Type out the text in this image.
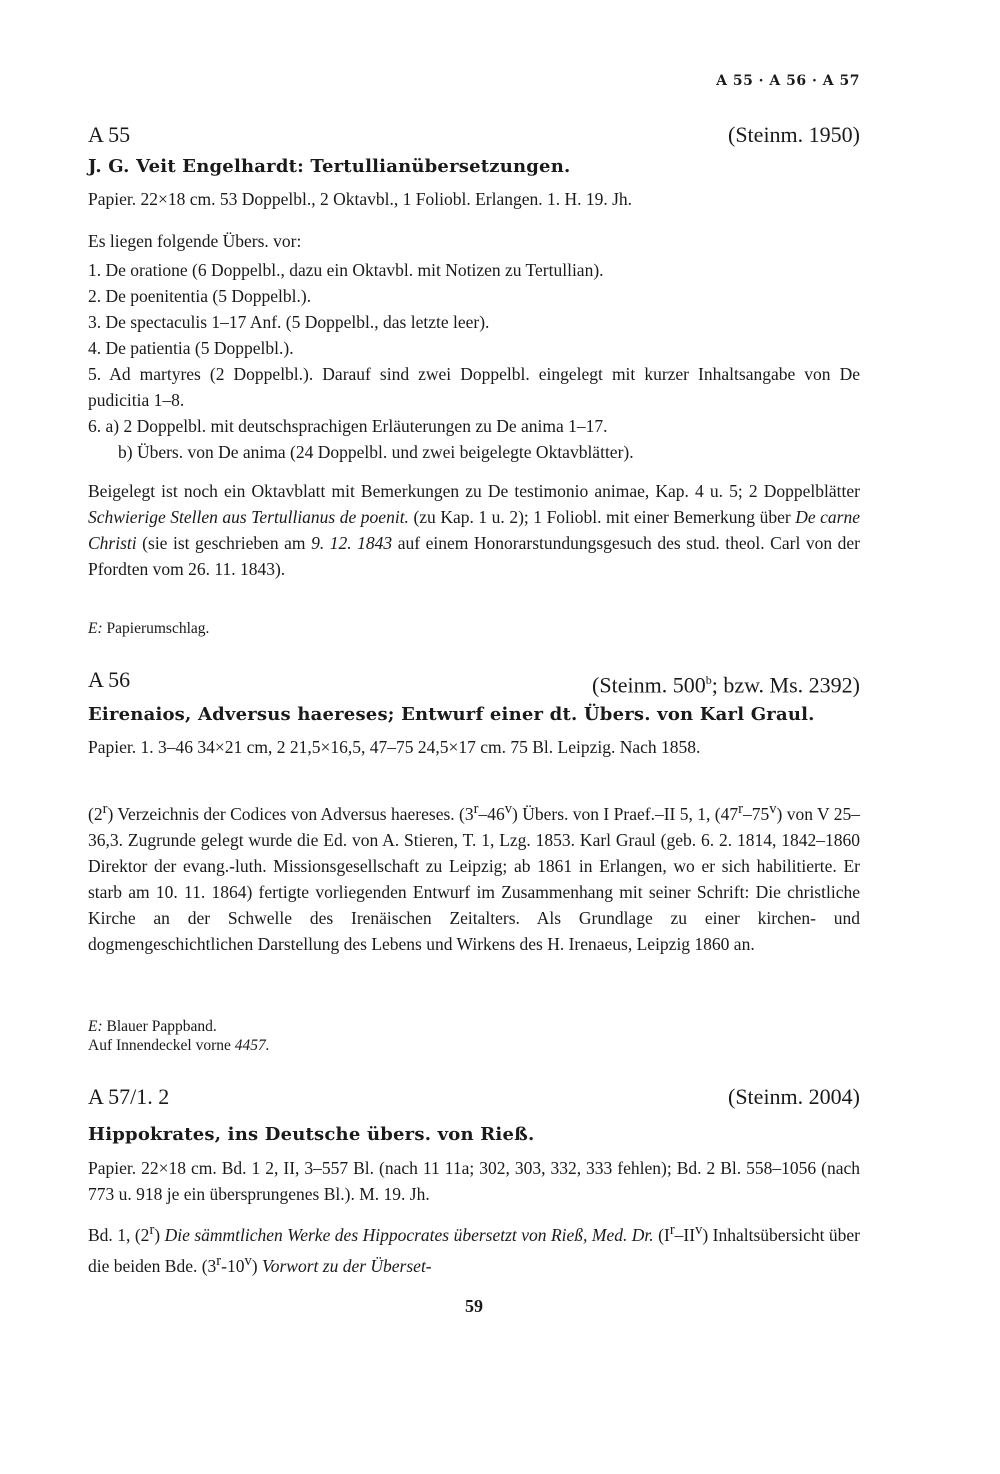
A 55 · A 56 · A 57
A 55	(Steinm. 1950)
J. G. Veit Engelhardt: Tertullianübersetzungen.
Papier. 22×18 cm. 53 Doppelbl., 2 Oktavbl., 1 Foliobl. Erlangen. 1. H. 19. Jh.
Es liegen folgende Übers. vor:

1. De oratione (6 Doppelbl., dazu ein Oktavbl. mit Notizen zu Tertullian).

2. De poenitentia (5 Doppelbl.).

3. De spectaculis 1–17 Anf. (5 Doppelbl., das letzte leer).

4. De patientia (5 Doppelbl.).

5. Ad martyres (2 Doppelbl.). Darauf sind zwei Doppelbl. eingelegt mit kurzer Inhaltsangabe von De pudicitia 1–8.

6. a) 2 Doppelbl. mit deutschsprachigen Erläuterungen zu De anima 1–17.

b) Übers. von De anima (24 Doppelbl. und zwei beigelegte Oktavblätter).

Beigelegt ist noch ein Oktavblatt mit Bemerkungen zu De testimonio animae, Kap. 4 u. 5; 2 Doppelblätter Schwierige Stellen aus Tertullianus de poenit. (zu Kap. 1 u. 2); 1 Foliobl. mit einer Bemerkung über De carne Christi (sie ist geschrieben am 9. 12. 1843 auf einem Honorarstundungsgesuch des stud. theol. Carl von der Pfordten vom 26. 11. 1843).
E: Papierumschlag.
A 56	(Steinm. 500$^b$; bzw. Ms. 2392)
Eirenaios, Adversus haereses; Entwurf einer dt. Übers. von Karl Graul.
Papier. 1. 3–46 34×21 cm, 2 21,5×16,5, 47–75 24,5×17 cm. 75 Bl. Leipzig. Nach 1858.
(2$^r$) Verzeichnis der Codices von Adversus haereses. (3$^r$–46$^v$) Übers. von I Praef.–II 5, 1, (47$^r$–75$^v$) von V 25–36,3. Zugrunde gelegt wurde die Ed. von A. Stieren, T. 1, Lzg. 1853. Karl Graul (geb. 6. 2. 1814, 1842–1860 Direktor der evang.-luth. Missionsgesellschaft zu Leipzig; ab 1861 in Erlangen, wo er sich habilitierte. Er starb am 10. 11. 1864) fertigte vorliegenden Entwurf im Zusammenhang mit seiner Schrift: Die christliche Kirche an der Schwelle des Irenäischen Zeitalters. Als Grundlage zu einer kirchen- und dogmengeschichtlichen Darstellung des Lebens und Wirkens des H. Irenaeus, Leipzig 1860 an.

E: Blauer Pappband.

Auf Innendeckel vorne 4457.

A 57/1. 2	(Steinm. 2004)
Hippokrates, ins Deutsche übers. von Rieß.
Papier. 22×18 cm. Bd. 1 2, II, 3–557 Bl. (nach 11 11a; 302, 303, 332, 333 fehlen); Bd. 2 Bl. 558–1056 (nach 773 u. 918 je ein übersprungenes Bl.). M. 19. Jh.
Bd. 1, (2$^r$) Die sämmtlichen Werke des Hippocrates übersetzt von Rieß, Med. Dr. $(I^r-II^v)$ Inhaltsübersicht über die beiden Bde. (3$^r$-10$^v$) Vorwort zu der Überset-
59
